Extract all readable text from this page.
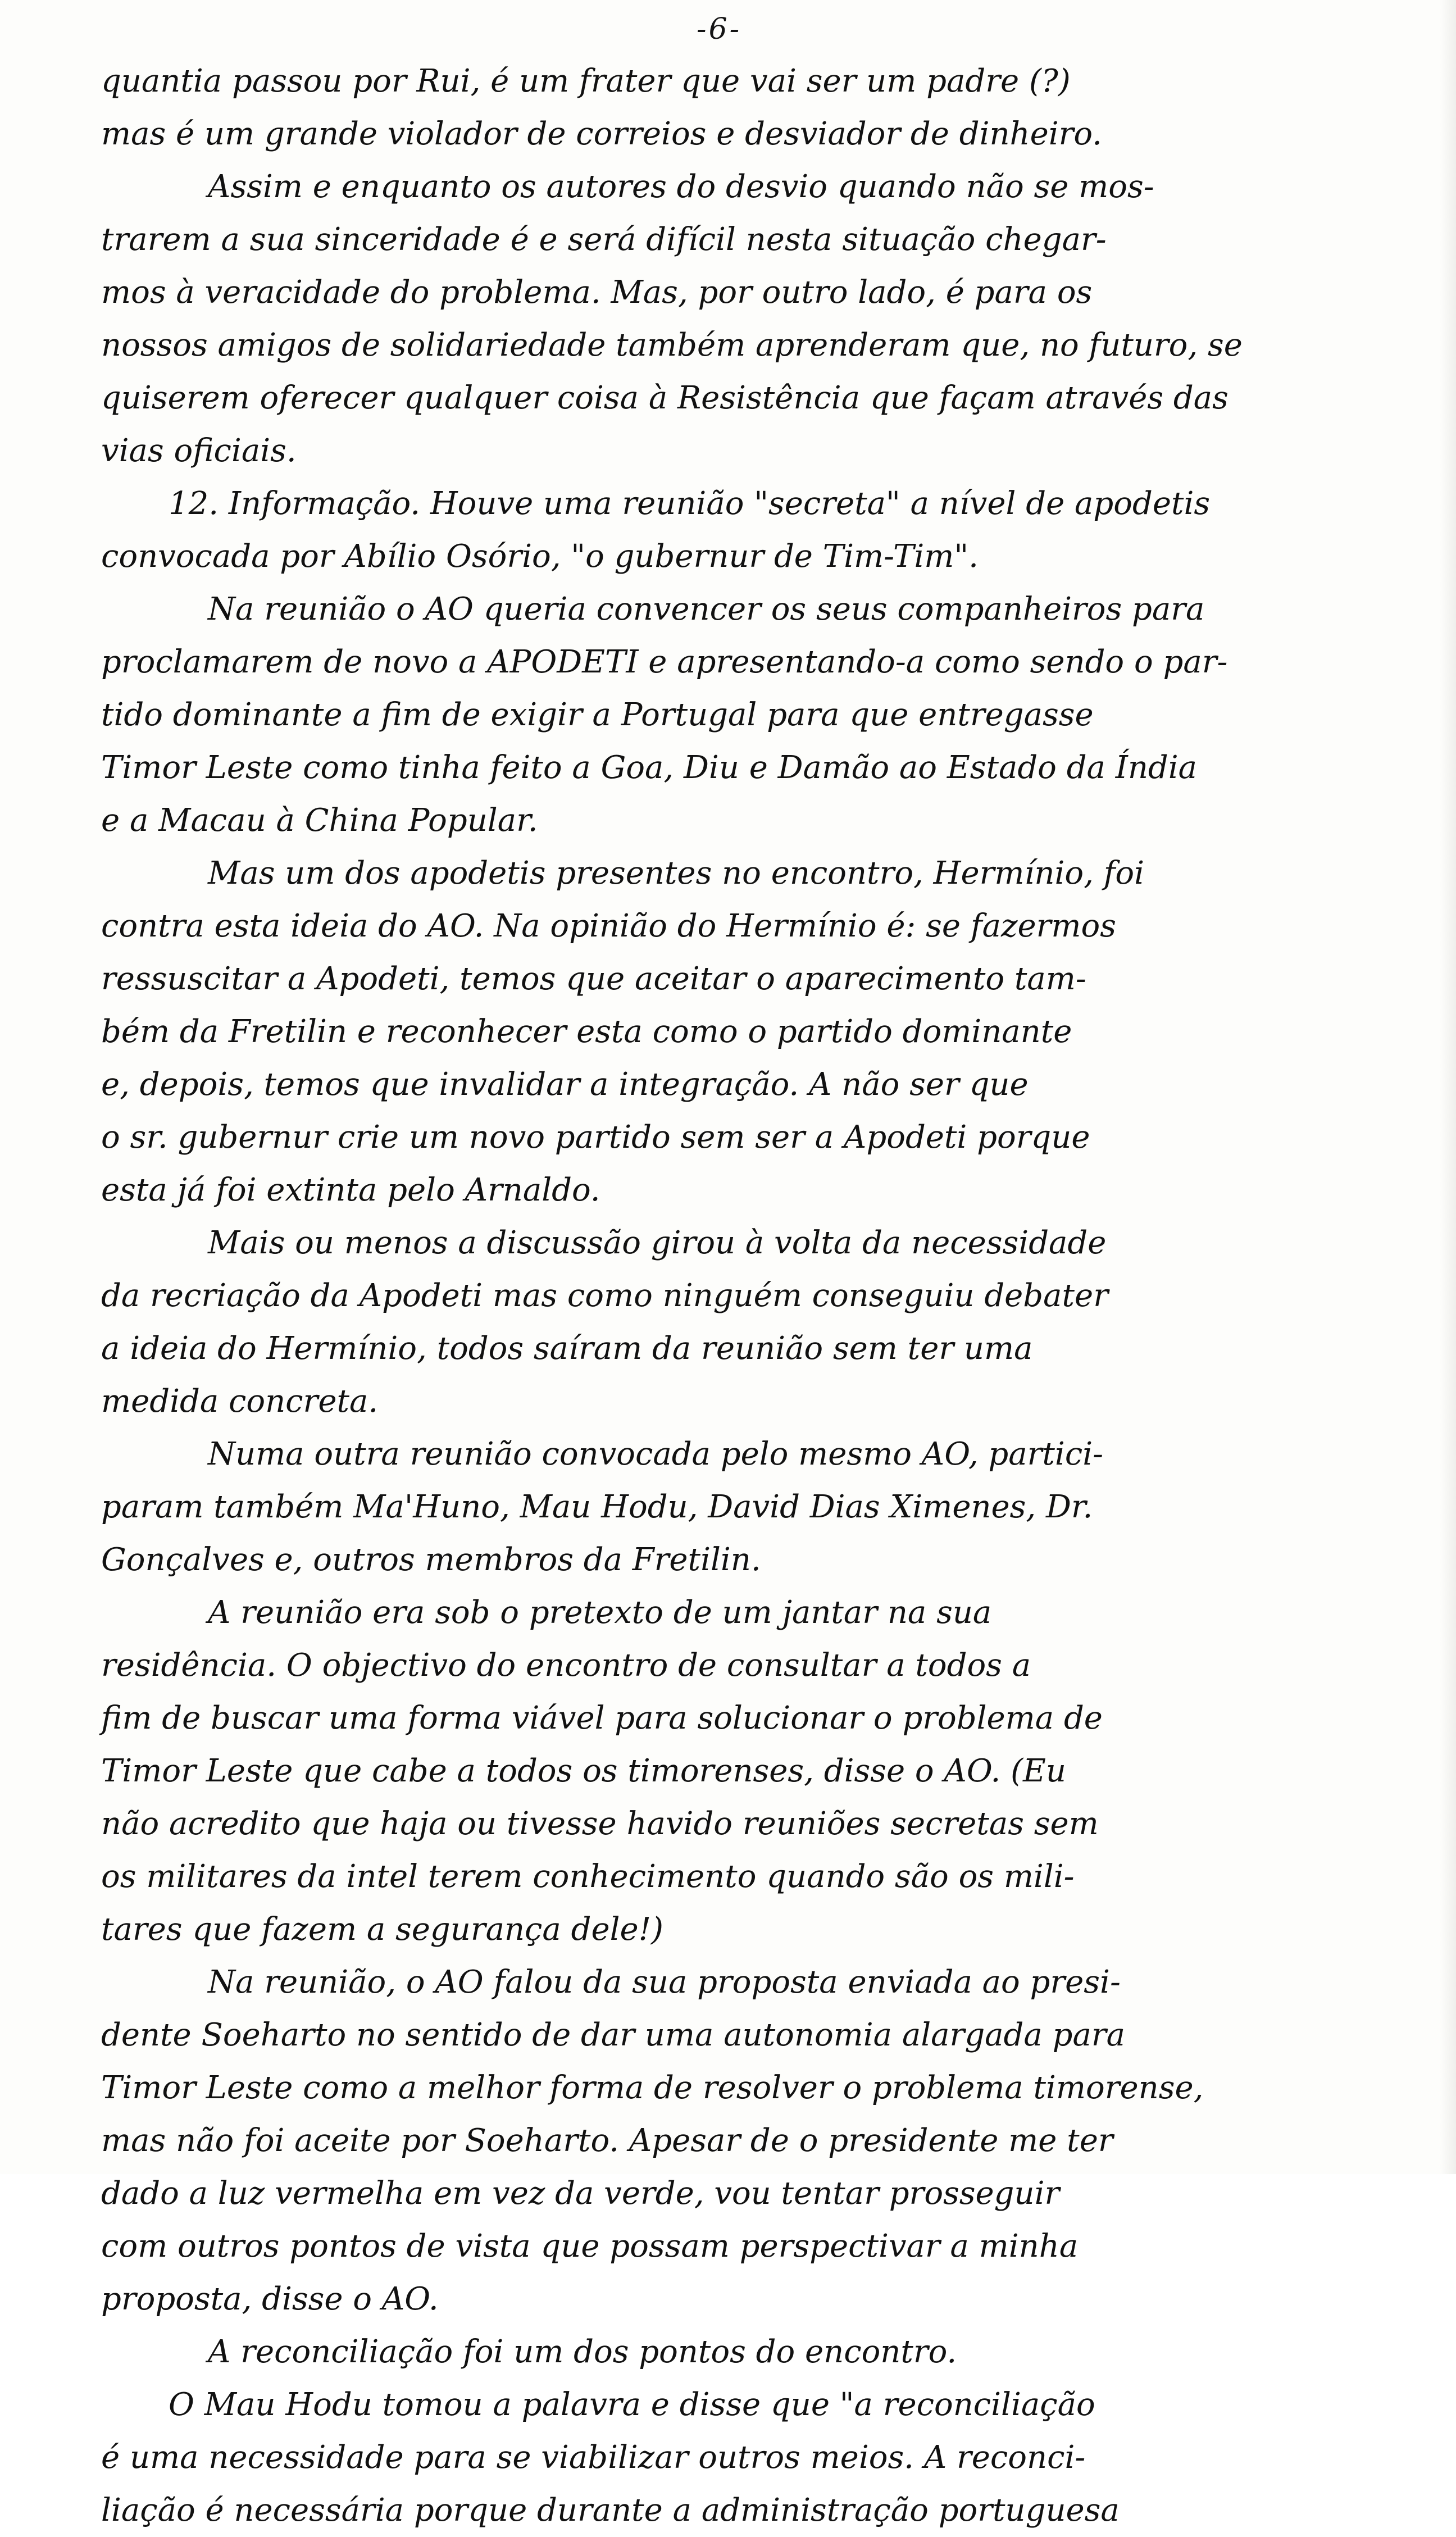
-6-
quantia passou por Rui, é um frater que vai ser um padre (?)
mas é um grande violador de correios e desviador de dinheiro.
Assim e enquanto os autores do desvio quando não se mos-
trarem a sua sinceridade é e será difícil nesta situação chegar-
mos à veracidade do problema. Mas, por outro lado, é para os
nossos amigos de solidariedade também aprenderam que, no futuro, se
quiserem oferecer qualquer coisa à Resistência que façam através das
vias oficiais.
12. Informação. Houve uma reunião "secreta" a nível de apodetis
convocada por Abílio Osório, "o gubernur de Tim-Tim".
Na reunião o AO queria convencer os seus companheiros para
proclamarem de novo a APODETI e apresentando-a como sendo o par-
tido dominante a fim de exigir a Portugal para que entregasse
Timor Leste como tinha feito a Goa, Diu e Damão ao Estado da Índia
e a Macau à China Popular.
Mas um dos apodetis presentes no encontro, Hermínio, foi
contra esta ideia do AO. Na opinião do Hermínio é: se fazermos
ressuscitar a Apodeti, temos que aceitar o aparecimento tam-
bém da Fretilin e reconhecer esta como o partido dominante
e, depois, temos que invalidar a integração. A não ser que
o sr. gubernur crie um novo partido sem ser a Apodeti porque
esta já foi extinta pelo Arnaldo.
Mais ou menos a discussão girou à volta da necessidade
da recriação da Apodeti mas como ninguém conseguiu debater
a ideia do Hermínio, todos saíram da reunião sem ter uma
medida concreta.
Numa outra reunião convocada pelo mesmo AO, partici-
param também Ma'Huno, Mau Hodu, David Dias Ximenes, Dr.
Gonçalves e, outros membros da Fretilin.
A reunião era sob o pretexto de um jantar na sua
residência. O objectivo do encontro de consultar a todos a
fim de buscar uma forma viável para solucionar o problema de
Timor Leste que cabe a todos os timorenses, disse o AO. (Eu
não acredito que haja ou tivesse havido reuniões secretas sem
os militares da intel terem conhecimento quando são os mili-
tares que fazem a segurança dele!)
Na reunião, o AO falou da sua proposta enviada ao presi-
dente Soeharto no sentido de dar uma autonomia alargada para
Timor Leste como a melhor forma de resolver o problema timorense,
mas não foi aceite por Soeharto. Apesar de o presidente me ter
dado a luz vermelha em vez da verde, vou tentar prosseguir
com outros pontos de vista que possam perspectivar a minha
proposta, disse o AO.
A reconciliação foi um dos pontos do encontro.
O Mau Hodu tomou a palavra e disse que "a reconciliação
é uma necessidade para se viabilizar outros meios. A reconci-
liação é necessária porque durante a administração portuguesa
